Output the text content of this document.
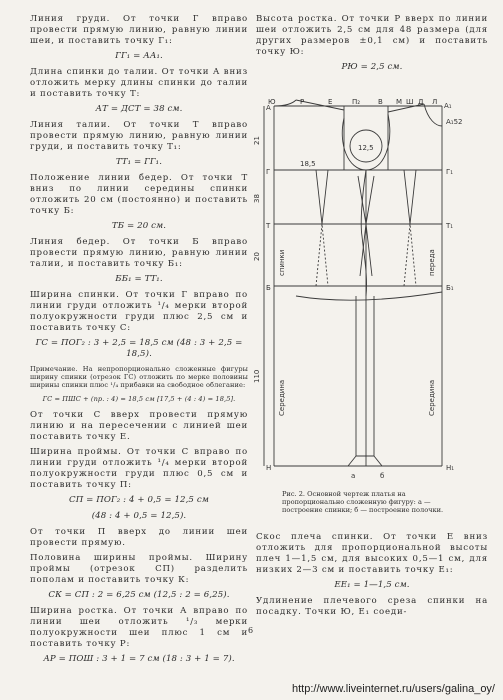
Линия груди. От точки Г вправо провести прямую линию, равную линии шеи, и поставить точку Г₁:

ГГ₁ = АА₁.

Длина спинки до талии. От точки А вниз отложить мерку длины спинки до талии и поставить точку Т:

АТ = ДСТ = 38 см.

Линия талии. От точки Т вправо провести прямую линию, равную линии груди, и поставить точку Т₁:

ТТ₁ = ГГ₁.

Положение линии бедер. От точки Т вниз по линии середины спинки отложить 20 см (постоянно) и поставить точку Б:

ТБ = 20 см.

Линия бедер. От точки Б вправо провести прямую линию, равную линии талии, и поставить точку Б₁:

ББ₁ = ТТ₁.

Ширина спинки. От точки Г вправо по линии груди отложить ¹/₄ мерки второй полуокружности груди плюс 2,5 см и поставить точку С:

ГС = ПОГ₂ : 3 + 2,5 = 18,5 см (48 : 3 + 2,5 = 18,5).

Примечание. На непропорционально сложенные фигуры ширину спинки (отрезок ГС) отложить по мерке половины ширины спинки плюс ¹/₄ прибавки на свободное облегание:

ГС = ПШС + (пр. : 4) = 18,5 см [17,5 + (4 : 4) = 18,5].

От точки С вверх провести прямую линию и на пересечении с линией шеи поставить точку Е.

Ширина проймы. От точки С вправо по линии груди отложить ¹/₄ мерки второй полуокружности груди плюс 0,5 см и поставить точку П:

СП = ПОГ₂ : 4 + 0,5 = 12,5 см

(48 : 4 + 0,5 = 12,5).

От точки П вверх до линии шеи провести прямую.

Половина ширины проймы. Ширину проймы (отрезок СП) разделить пополам и поставить точку К:

СК = СП : 2 = 6,25 см (12,5 : 2 = 6,25).

Ширина ростка. От точки А вправо по линии шеи отложить ¹/₃ мерки полуокружности шеи плюс 1 см и поставить точку Р:

АР = ПОШ : 3 + 1 = 7 см (18 : 3 + 1 = 7).

Высота ростка. От точки Р вверх по линии шеи отложить 2,5 см для 48 размера (для других размеров ±0,1 см) и поставить точку Ю:

РЮ = 2,5 см.

Ю	Р	Е	П₂	В М Ш Д Л А₁
А₁52
А
Г
Т
Б
Н
Г₁
Т₁
Б₁
Н₁
12,5
18,5
а	б
21
38
20
110
спинки
Середина
переда
Середина
Рис. 2. Основной чертеж платья на пропорционально сложенную фигуру: а — построение спинки; б — построение полочки.

Скос плеча спинки. От точки Е вниз отложить для пропорциональной высоты плеч 1—1,5 см, для высоких 0,5—1 см, для низких 2—3 см и поставить точку Е₁:

ЕЕ₁ = 1—1,5 см.

Удлинение плечевого среза спинки на посадку. Точки Ю, Е₁ соеди-

6
http://www.liveinternet.ru/users/galina_oy/
